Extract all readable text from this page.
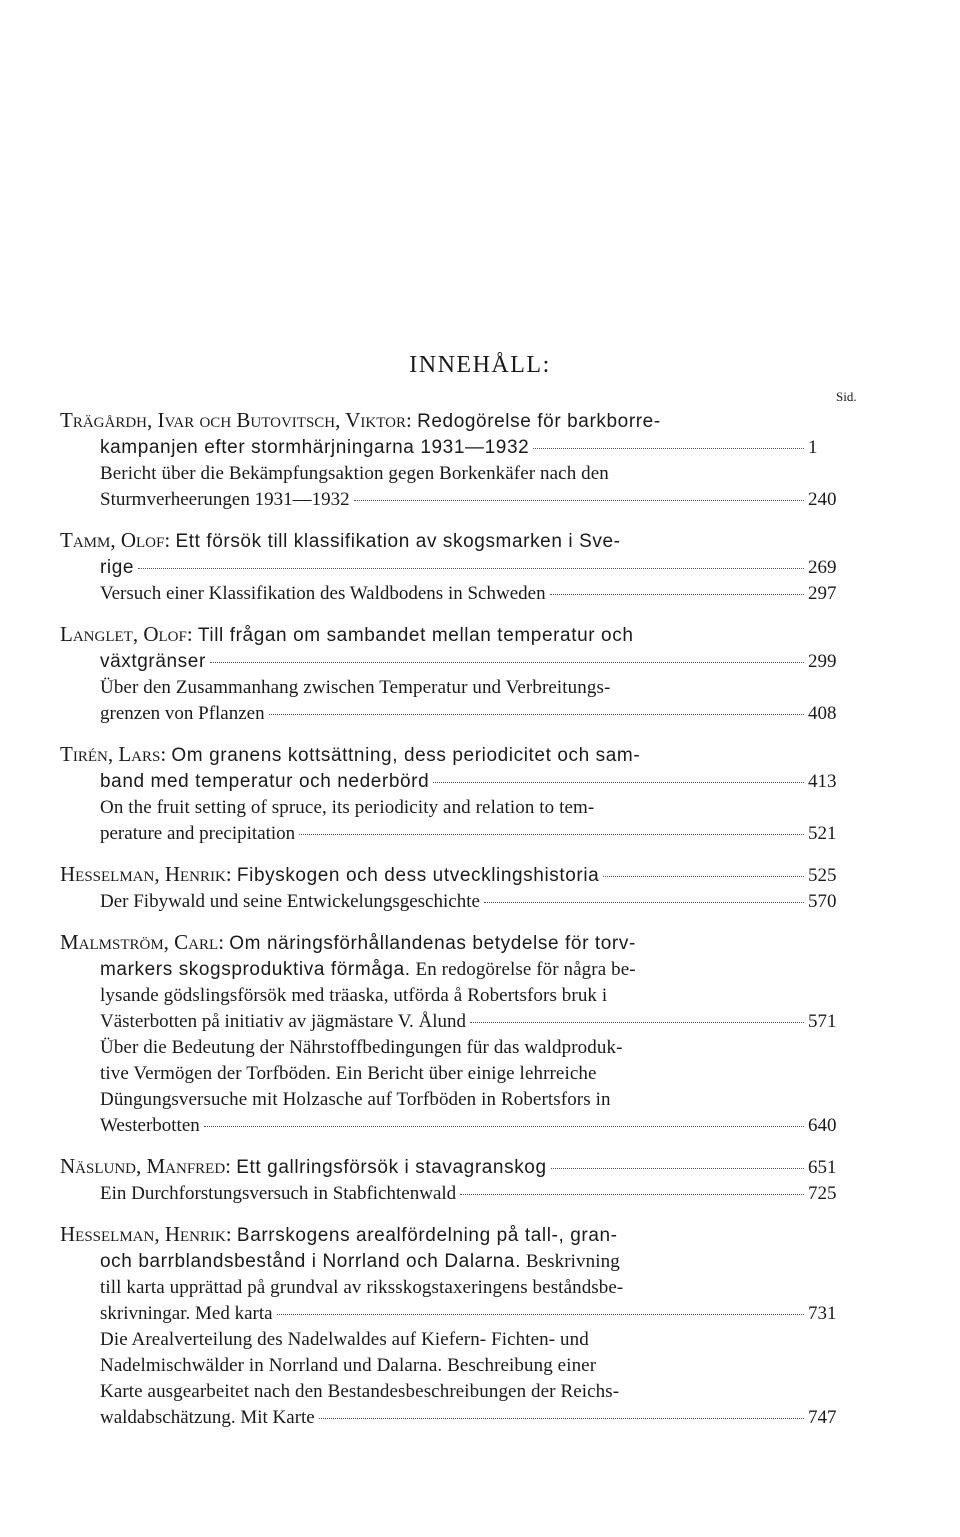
INNEHÅLL:
Sid.
Trägårdh, Ivar och Butovitsch, Viktor: Redogörelse för barkborre-
kampanjen efter stormhärjningarna 1931—1932	1
Bericht über die Bekämpfungsaktion gegen Borkenkäfer nach den
Sturmverheerungen 1931—1932	240
Tamm, Olof: Ett försök till klassifikation av skogsmarken i Sve-
rige	269
Versuch einer Klassifikation des Waldbodens in Schweden	297
Langlet, Olof: Till frågan om sambandet mellan temperatur och
växtgränser	299
Über den Zusammanhang zwischen Temperatur und Verbreitungs-
grenzen von Pflanzen	408
Tirén, Lars: Om granens kottsättning, dess periodicitet och sam-
band med temperatur och nederbörd	413
On the fruit setting of spruce, its periodicity and relation to tem-
perature and precipitation	521
Hesselman, Henrik: Fibyskogen och dess utvecklingshistoria	525
Der Fibywald und seine Entwickelungsgeschichte	570
Malmström, Carl: Om näringsförhållandenas betydelse för torv-
markers skogsproduktiva förmåga. En redogörelse för några be-
lysande gödslingsförsök med träaska, utförda å Robertsfors bruk i
Västerbotten på initiativ av jägmästare V. Ålund	571
Über die Bedeutung der Nährstoffbedingungen für das waldproduk-
tive Vermögen der Torfböden. Ein Bericht über einige lehrreiche
Düngungsversuche mit Holzasche auf Torfböden in Robertsfors in
Westerbotten	640
Näslund, Manfred: Ett gallringsförsök i stavagranskog	651
Ein Durchforstungsversuch in Stabfichtenwald	725
Hesselman, Henrik: Barrskogens arealfördelning på tall-, gran-
och barrblandsbestånd i Norrland och Dalarna. Beskrivning
till karta upprättad på grundval av riksskogstaxeringens beståndsbe-
skrivningar. Med karta	731
Die Arealverteilung des Nadelwaldes auf Kiefern- Fichten- und
Nadelmischwälder in Norrland und Dalarna. Beschreibung einer
Karte ausgearbeitet nach den Bestandesbeschreibungen der Reichs-
waldabschätzung. Mit Karte	747
